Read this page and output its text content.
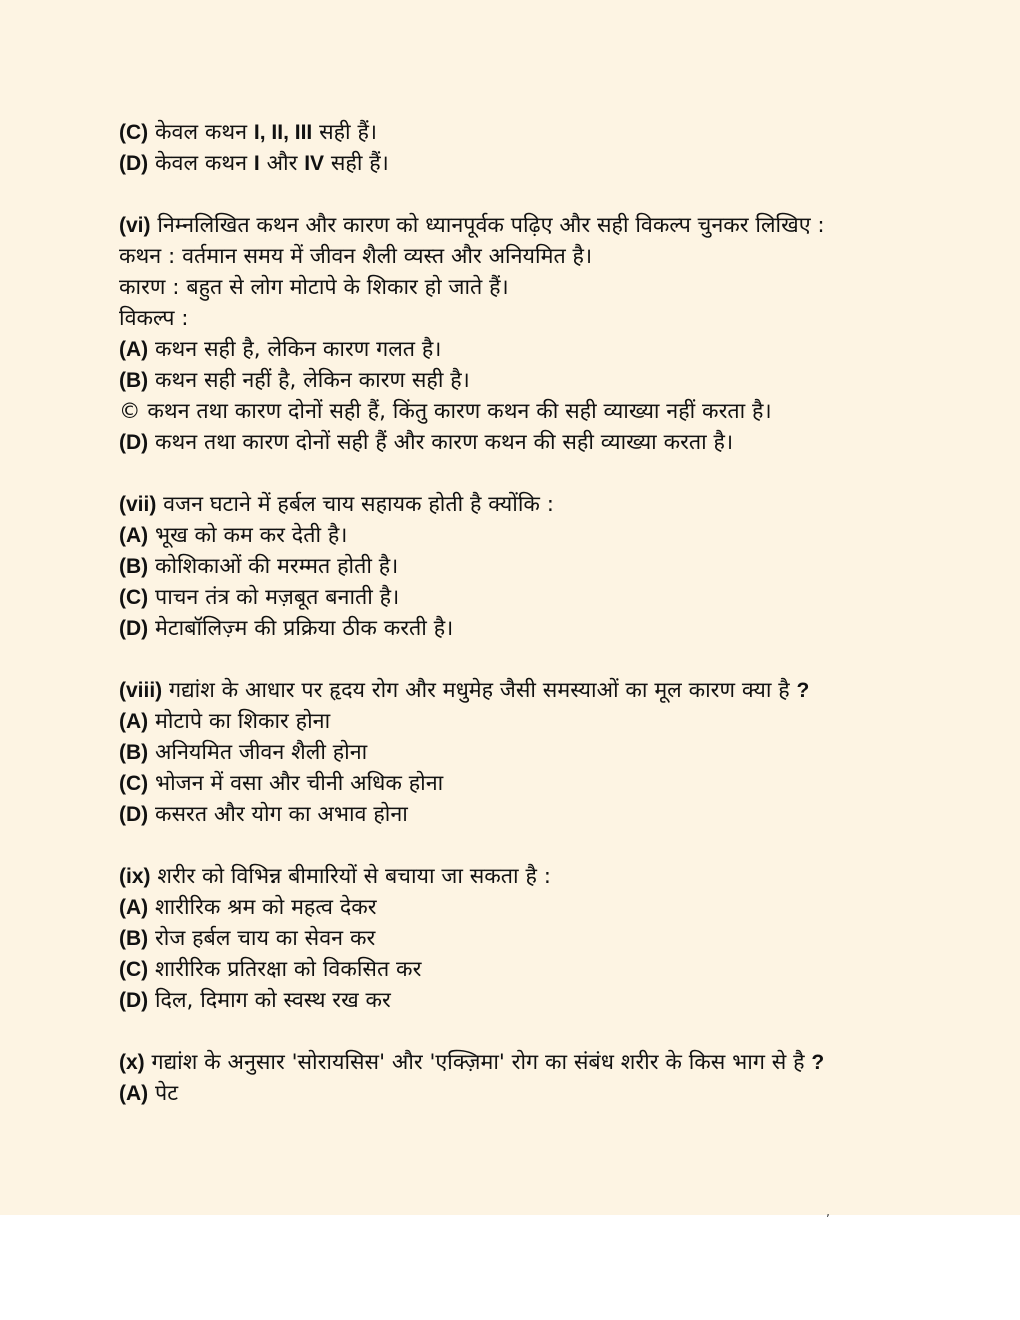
(C) केवल कथन I, II, III सही हैं।
(D) केवल कथन I और IV सही हैं।
(vi) निम्नलिखित कथन और कारण को ध्यानपूर्वक पढ़िए और सही विकल्प चुनकर लिखिए :
कथन : वर्तमान समय में जीवन शैली व्यस्त और अनियमित है।
कारण : बहुत से लोग मोटापे के शिकार हो जाते हैं।
विकल्प :
(A) कथन सही है, लेकिन कारण गलत है।
(B) कथन सही नहीं है, लेकिन कारण सही है।
© कथन तथा कारण दोनों सही हैं, किंतु कारण कथन की सही व्याख्या नहीं करता है।
(D) कथन तथा कारण दोनों सही हैं और कारण कथन की सही व्याख्या करता है।
(vii) वजन घटाने में हर्बल चाय सहायक होती है क्योंकि :
(A) भूख को कम कर देती है।
(B) कोशिकाओं की मरम्मत होती है।
(C) पाचन तंत्र को मज़बूत बनाती है।
(D) मेटाबॉलिज़्म की प्रक्रिया ठीक करती है।
(viii) गद्यांश के आधार पर हृदय रोग और मधुमेह जैसी समस्याओं का मूल कारण क्या है ?
(A) मोटापे का शिकार होना
(B) अनियमित जीवन शैली होना
(C) भोजन में वसा और चीनी अधिक होना
(D) कसरत और योग का अभाव होना
(ix) शरीर को विभिन्न बीमारियों से बचाया जा सकता है :
(A) शारीरिक श्रम को महत्व देकर
(B) रोज हर्बल चाय का सेवन कर
(C) शारीरिक प्रतिरक्षा को विकसित कर
(D) दिल, दिमाग को स्वस्थ रख कर
(x) गद्यांश के अनुसार 'सोरायसिस' और 'एक्ज़िमा' रोग का संबंध शरीर के किस भाग से है ?
(A) पेट
ʼ
